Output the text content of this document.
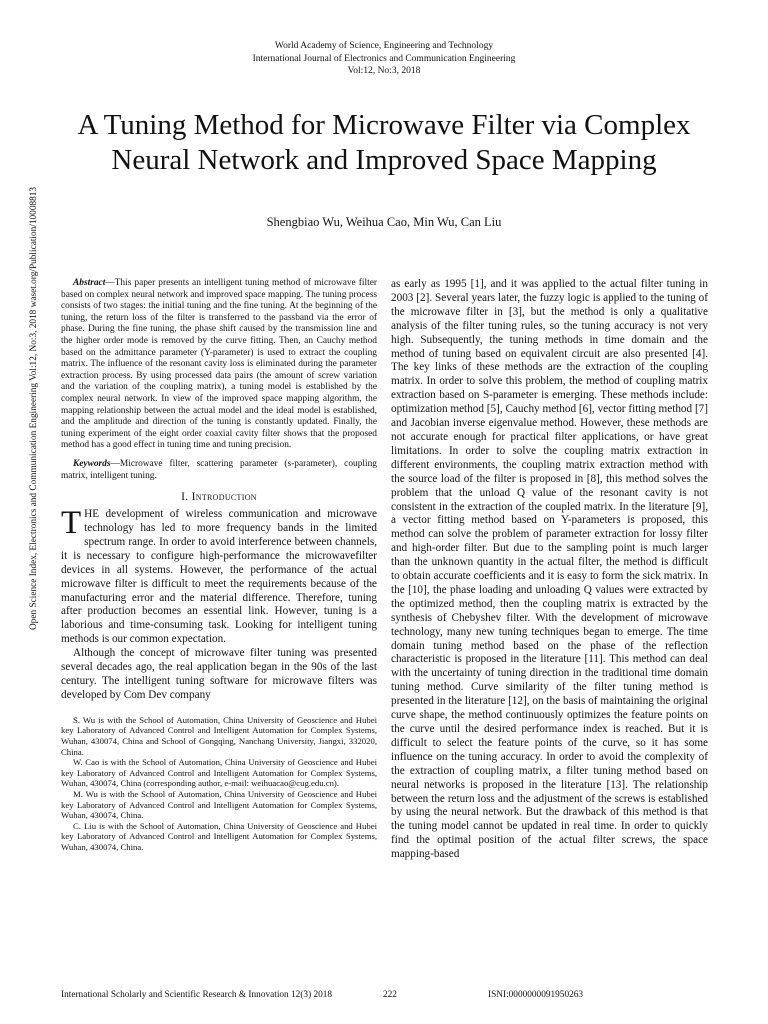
World Academy of Science, Engineering and Technology
International Journal of Electronics and Communication Engineering
Vol:12, No:3, 2018
A Tuning Method for Microwave Filter via Complex Neural Network and Improved Space Mapping
Shengbiao Wu, Weihua Cao, Min Wu, Can Liu
Open Science Index, Electronics and Communication Engineering Vol:12, No:3, 2018 waset.org/Publication/10008813	Abstract—This paper presents an intelligent tuning method of microwave filter based on complex neural network and improved space mapping. The tuning process consists of two stages: the initial tuning and the fine tuning. At the beginning of the tuning, the return loss of the filter is transferred to the passband via the error of phase. During the fine tuning, the phase shift caused by the transmission line and the higher order mode is removed by the curve fitting. Then, an Cauchy method based on the admittance parameter (Y-parameter) is used to extract the coupling matrix. The influence of the resonant cavity loss is eliminated during the parameter extraction process. By using processed data pairs (the amount of screw variation and the variation of the coupling matrix), a tuning model is established by the complex neural network. In view of the improved space mapping algorithm, the mapping relationship between the actual model and the ideal model is established, and the amplitude and direction of the tuning is constantly updated. Finally, the tuning experiment of the eight order coaxial cavity filter shows that the proposed method has a good effect in tuning time and tuning precision.

Keywords—Microwave filter, scattering parameter (s-parameter), coupling matrix, intelligent tuning.

I. Introduction

THE development of wireless communication and microwave technology has led to more frequency bands in the limited spectrum range. In order to avoid interference between channels, it is necessary to configure high-performance the microwavefilter devices in all systems. However, the performance of the actual microwave filter is difficult to meet the requirements because of the manufacturing error and the material difference. Therefore, tuning after production becomes an essential link. However, tuning is a laborious and time-consuming task. Looking for intelligent tuning methods is our common expectation.

Although the concept of microwave filter tuning was presented several decades ago, the real application began in the 90s of the last century. The intelligent tuning software for microwave filters was developed by Com Dev company

S. Wu is with the School of Automation, China University of Geoscience and Hubei key Laboratory of Advanced Control and Intelligent Automation for Complex Systems, Wuhan, 430074, China and School of Gongqing, Nanchang University, Jiangxi, 332020, China.

W. Cao is with the School of Automation, China University of Geoscience and Hubei key Laboratory of Advanced Control and Intelligent Automation for Complex Systems, Wuhan, 430074, China (corresponding author, e-mail: weihuacao@cug.edu.cn).

M. Wu is with the School of Automation, China University of Geoscience and Hubei key Laboratory of Advanced Control and Intelligent Automation for Complex Systems, Wuhan, 430074, China.

C. Liu is with the School of Automation, China University of Geoscience and Hubei key Laboratory of Advanced Control and Intelligent Automation for Complex Systems, Wuhan, 430074, China.

as early as 1995 [1], and it was applied to the actual filter tuning in 2003 [2]. Several years later, the fuzzy logic is applied to the tuning of the microwave filter in [3], but the method is only a qualitative analysis of the filter tuning rules, so the tuning accuracy is not very high. Subsequently, the tuning methods in time domain and the method of tuning based on equivalent circuit are also presented [4]. The key links of these methods are the extraction of the coupling matrix. In order to solve this problem, the method of coupling matrix extraction based on S-parameter is emerging. These methods include: optimization method [5], Cauchy method [6], vector fitting method [7] and Jacobian inverse eigenvalue method. However, these methods are not accurate enough for practical filter applications, or have great limitations. In order to solve the coupling matrix extraction in different environments, the coupling matrix extraction method with the source load of the filter is proposed in [8], this method solves the problem that the unload Q value of the resonant cavity is not consistent in the extraction of the coupled matrix. In the literature [9], a vector fitting method based on Y-parameters is proposed, this method can solve the problem of parameter extraction for lossy filter and high-order filter. But due to the sampling point is much larger than the unknown quantity in the actual filter, the method is difficult to obtain accurate coefficients and it is easy to form the sick matrix. In the [10], the phase loading and unloading Q values were extracted by the optimized method, then the coupling matrix is extracted by the synthesis of Chebyshev filter. With the development of microwave technology, many new tuning techniques began to emerge. The time domain tuning method based on the phase of the reflection characteristic is proposed in the literature [11]. This method can deal with the uncertainty of tuning direction in the traditional time domain tuning method. Curve similarity of the filter tuning method is presented in the literature [12], on the basis of maintaining the original curve shape, the method continuously optimizes the feature points on the curve until the desired performance index is reached. But it is difficult to select the feature points of the curve, so it has some influence on the tuning accuracy. In order to avoid the complexity of the extraction of coupling matrix, a filter tuning method based on neural networks is proposed in the literature [13]. The relationship between the return loss and the adjustment of the screws is established by using the neural network. But the drawback of this method is that the tuning model cannot be updated in real time. In order to quickly find the optimal position of the actual filter screws, the space mapping-based

International Scholarly and Scientific Research & Innovation 12(3) 2018	222	ISNI:0000000091950263
